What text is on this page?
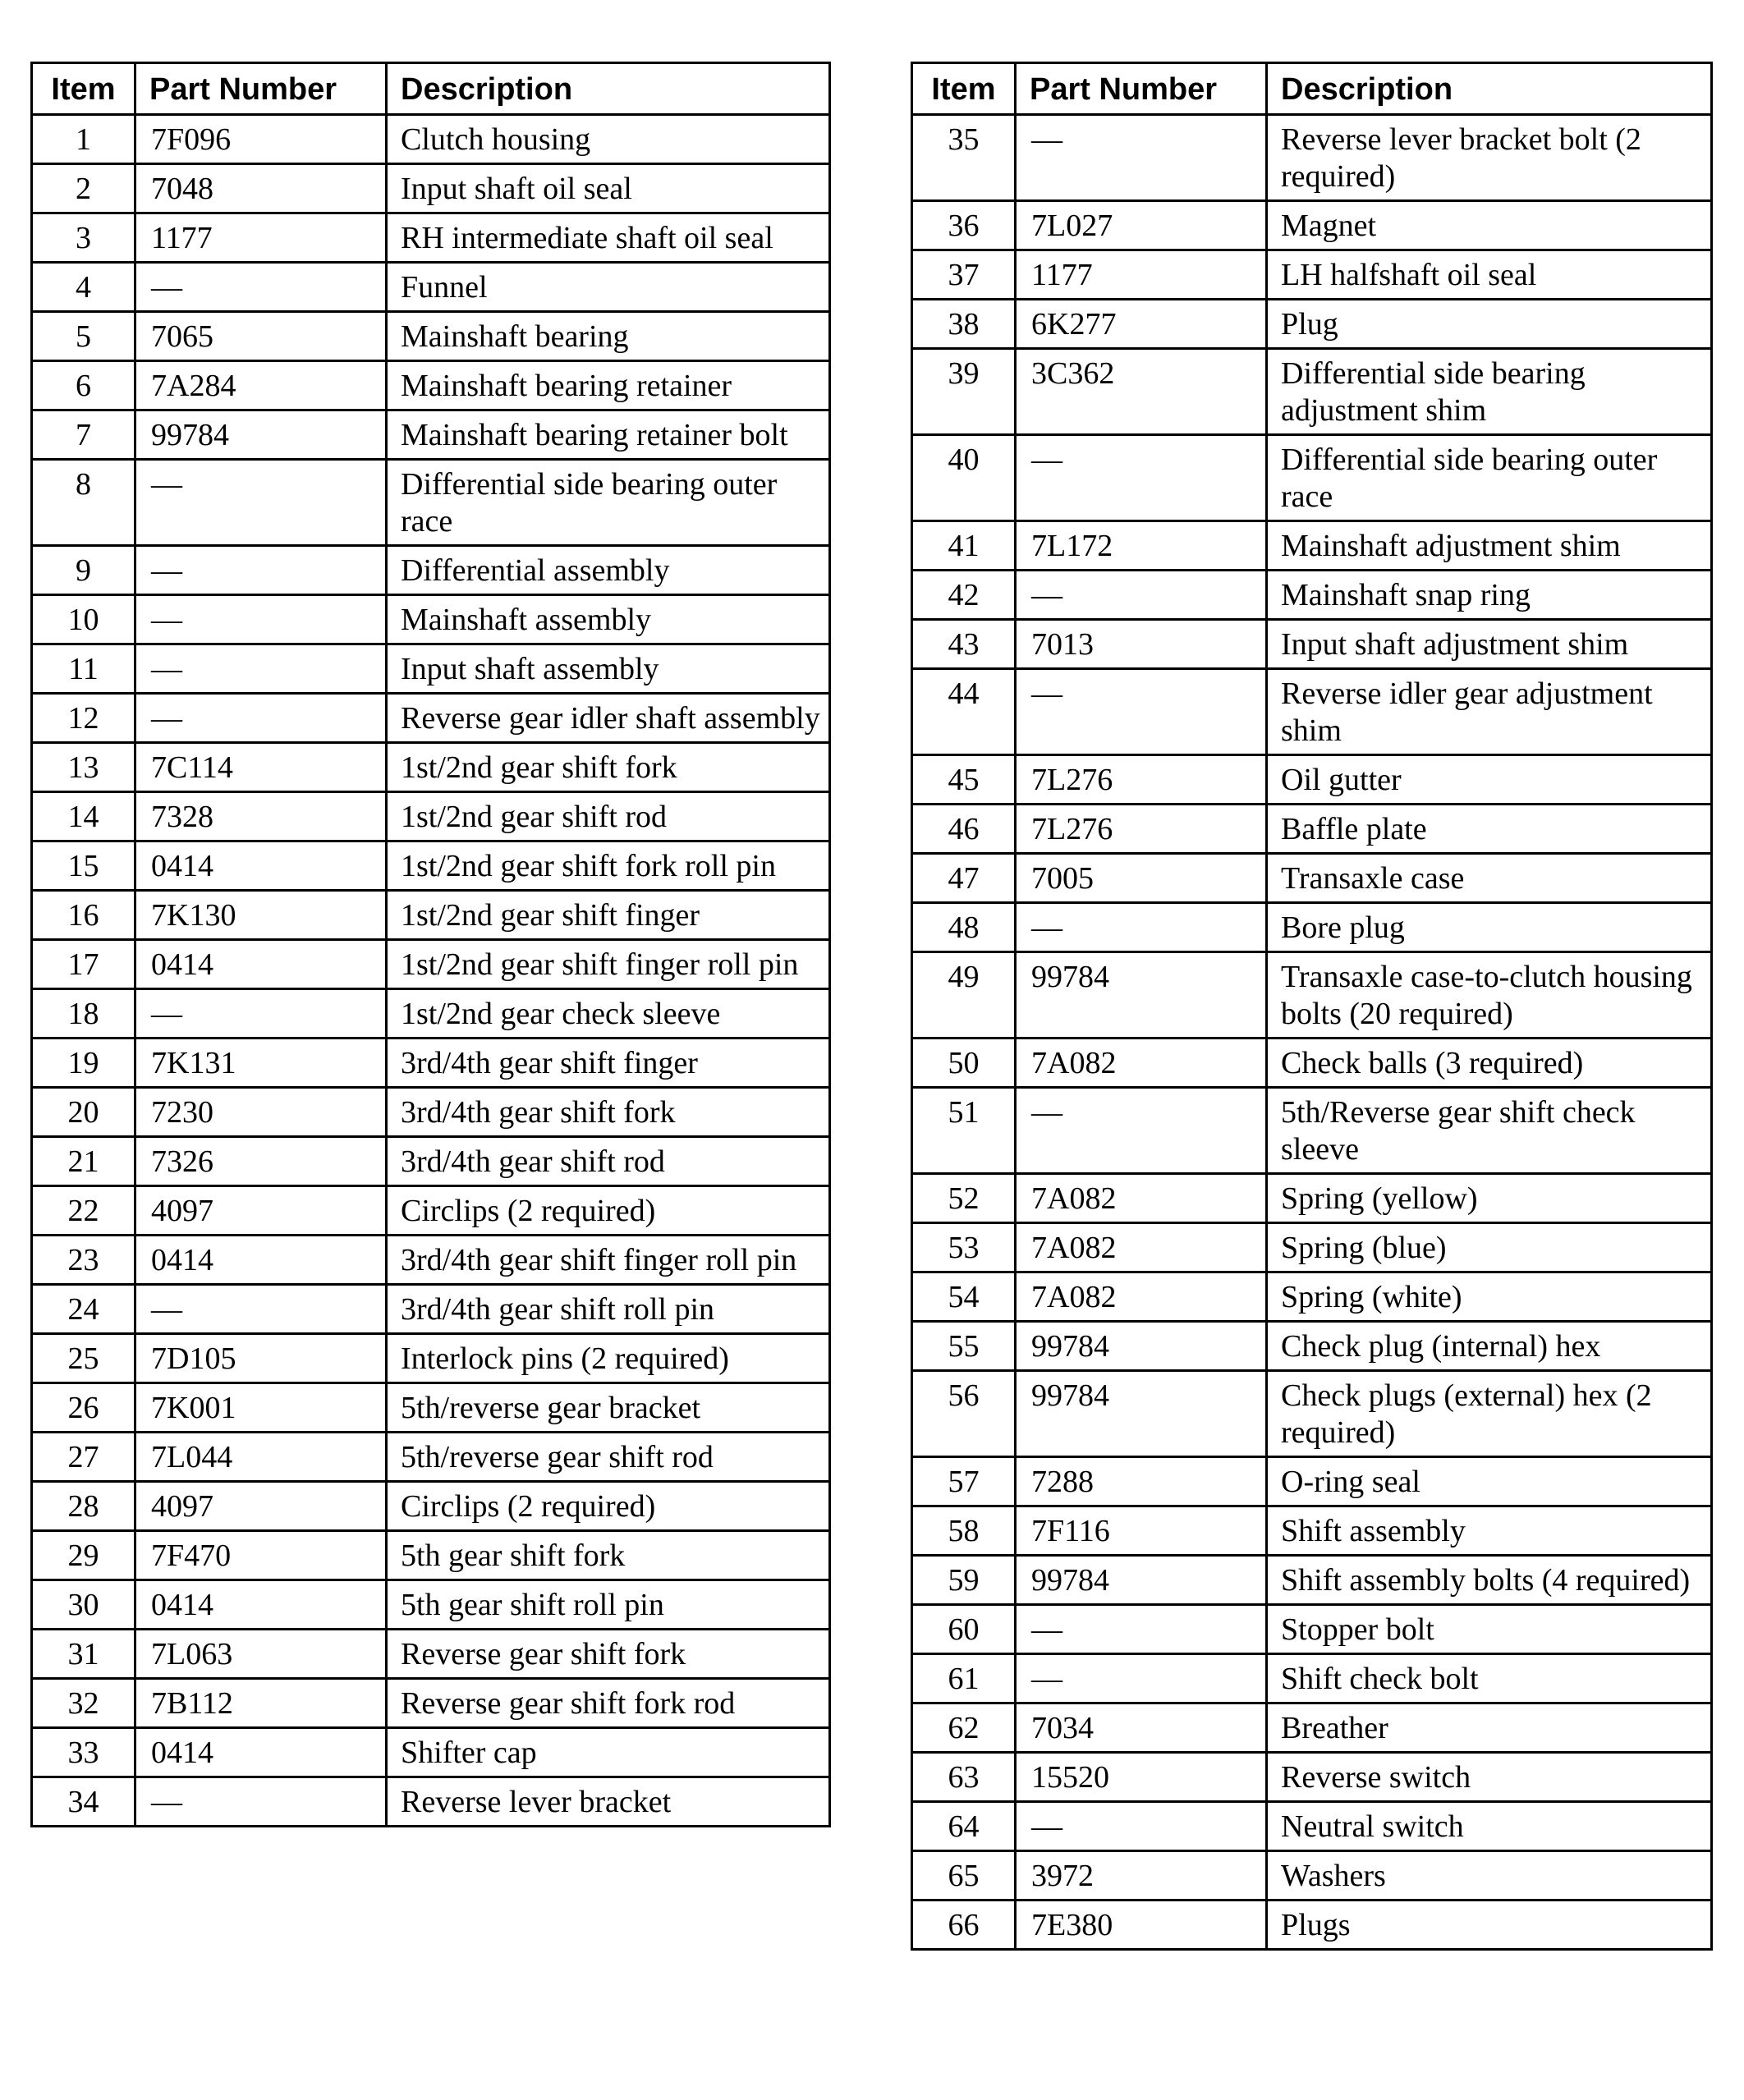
Item	Part Number	Description
1	7F096	Clutch housing
2	7048	Input shaft oil seal
3	1177	RH intermediate shaft oil seal
4	—	Funnel
5	7065	Mainshaft bearing
6	7A284	Mainshaft bearing retainer
7	99784	Mainshaft bearing retainer bolt
8	—	Differential side bearing outer race
9	—	Differential assembly
10	—	Mainshaft assembly
11	—	Input shaft assembly
12	—	Reverse gear idler shaft assembly
13	7C114	1st/2nd gear shift fork
14	7328	1st/2nd gear shift rod
15	0414	1st/2nd gear shift fork roll pin
16	7K130	1st/2nd gear shift finger
17	0414	1st/2nd gear shift finger roll pin
18	—	1st/2nd gear check sleeve
19	7K131	3rd/4th gear shift finger
20	7230	3rd/4th gear shift fork
21	7326	3rd/4th gear shift rod
22	4097	Circlips (2 required)
23	0414	3rd/4th gear shift finger roll pin
24	—	3rd/4th gear shift roll pin
25	7D105	Interlock pins (2 required)
26	7K001	5th/reverse gear bracket
27	7L044	5th/reverse gear shift rod
28	4097	Circlips (2 required)
29	7F470	5th gear shift fork
30	0414	5th gear shift roll pin
31	7L063	Reverse gear shift fork
32	7B112	Reverse gear shift fork rod
33	0414	Shifter cap
34	—	Reverse lever bracket
Item	Part Number	Description
35	—	Reverse lever bracket bolt (2 required)
36	7L027	Magnet
37	1177	LH halfshaft oil seal
38	6K277	Plug
39	3C362	Differential side bearing adjustment shim
40	—	Differential side bearing outer race
41	7L172	Mainshaft adjustment shim
42	—	Mainshaft snap ring
43	7013	Input shaft adjustment shim
44	—	Reverse idler gear adjustment shim
45	7L276	Oil gutter
46	7L276	Baffle plate
47	7005	Transaxle case
48	—	Bore plug
49	99784	Transaxle case-to-clutch housing bolts (20 required)
50	7A082	Check balls (3 required)
51	—	5th/Reverse gear shift check sleeve
52	7A082	Spring (yellow)
53	7A082	Spring (blue)
54	7A082	Spring (white)
55	99784	Check plug (internal) hex
56	99784	Check plugs (external) hex (2 required)
57	7288	O-ring seal
58	7F116	Shift assembly
59	99784	Shift assembly bolts (4 required)
60	—	Stopper bolt
61	—	Shift check bolt
62	7034	Breather
63	15520	Reverse switch
64	—	Neutral switch
65	3972	Washers
66	7E380	Plugs
